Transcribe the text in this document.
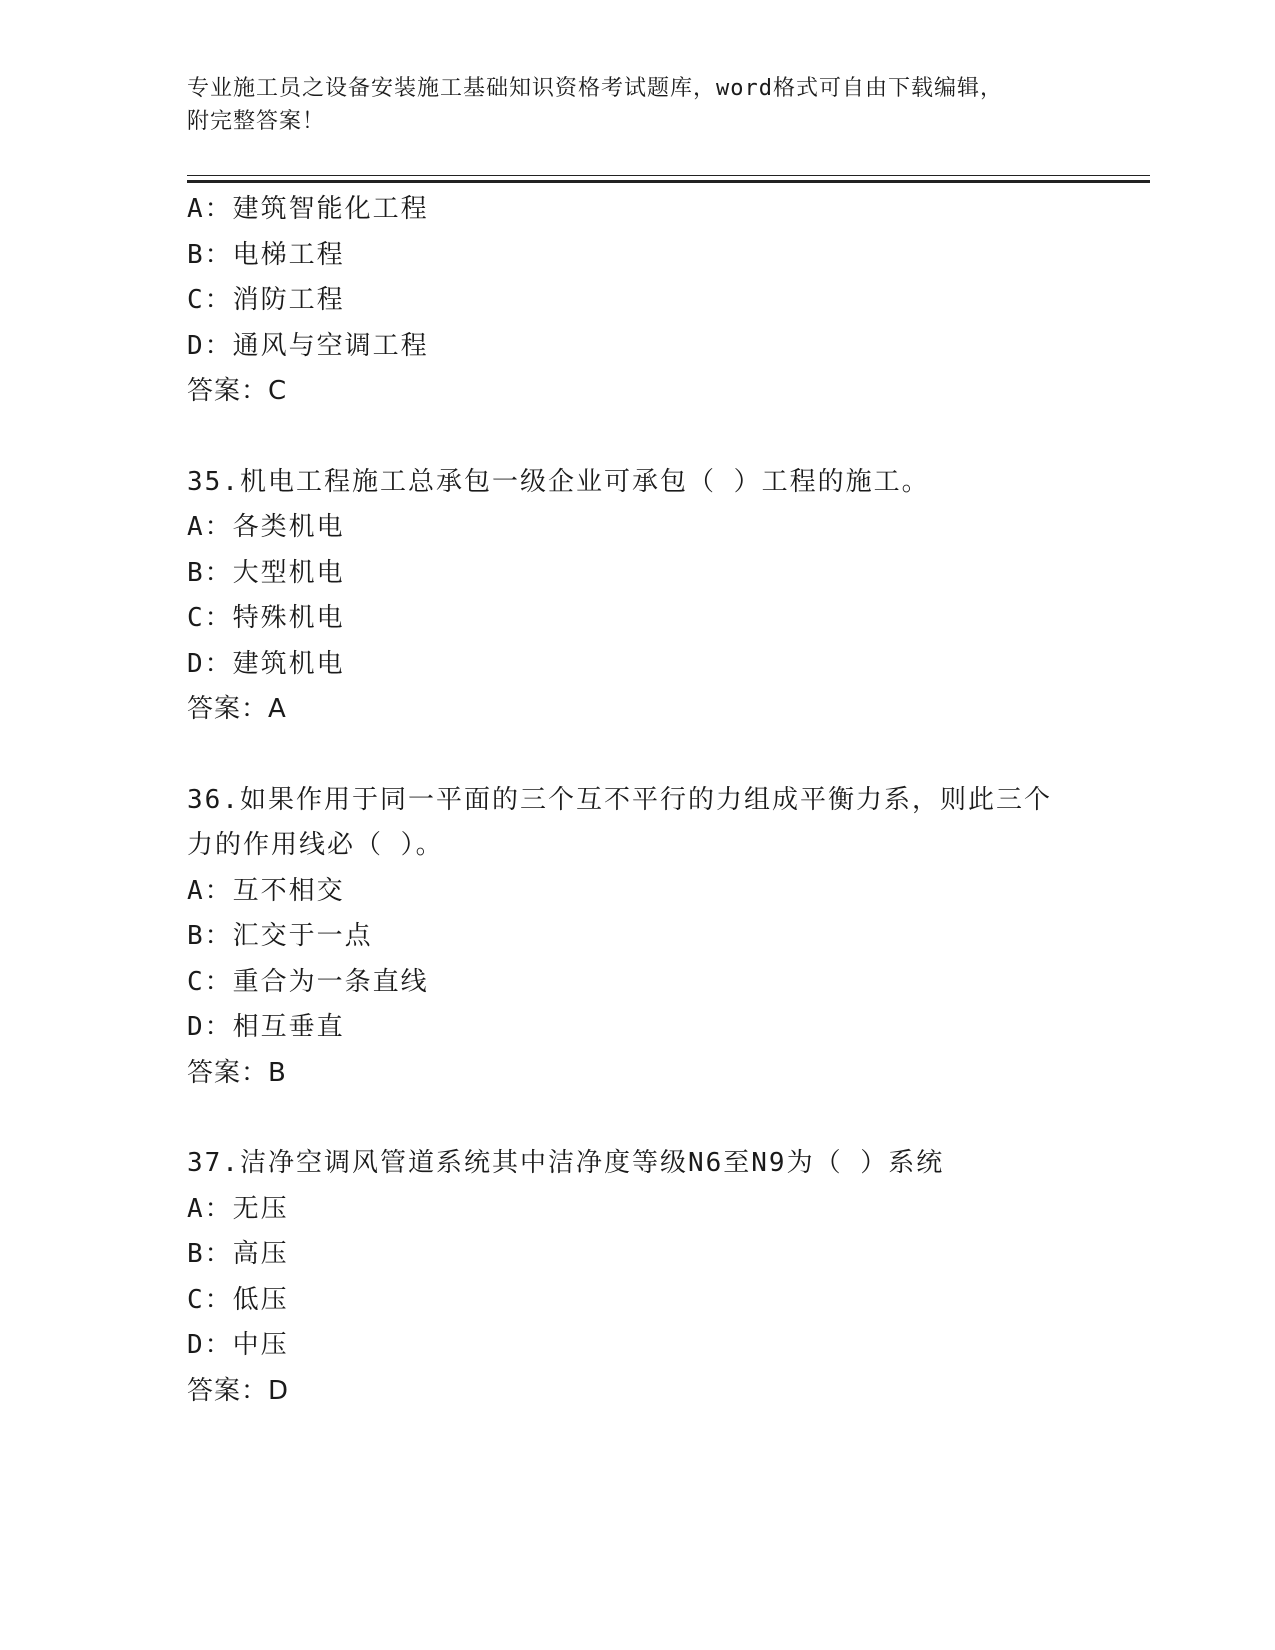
专业施工员之设备安装施工基础知识资格考试题库，word格式可自由下载编辑，
附完整答案！
A：建筑智能化工程
B：电梯工程
C：消防工程
D：通风与空调工程
答案：C
35.机电工程施工总承包一级企业可承包（ ）工程的施工。
A：各类机电
B：大型机电
C：特殊机电
D：建筑机电
答案：A
36.如果作用于同一平面的三个互不平行的力组成平衡力系，则此三个
力的作用线必（ ）。
A：互不相交
B：汇交于一点
C：重合为一条直线
D：相互垂直
答案：B
37.洁净空调风管道系统其中洁净度等级N6至N9为（ ）系统
A：无压
B：高压
C：低压
D：中压
答案：D
